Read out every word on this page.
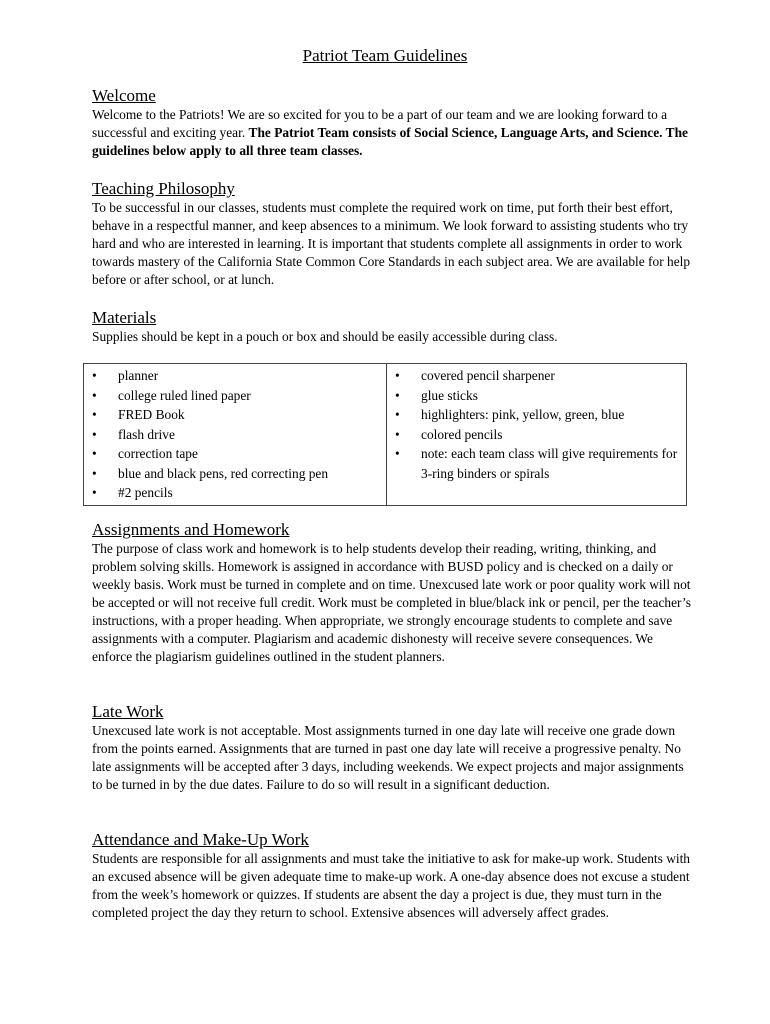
Patriot Team Guidelines
Welcome

Welcome to the Patriots! We are so excited for you to be a part of our team and we are looking forward to a successful and exciting year. The Patriot Team consists of Social Science, Language Arts, and Science. The guidelines below apply to all three team classes.

Teaching Philosophy

To be successful in our classes, students must complete the required work on time, put forth their best effort, behave in a respectful manner, and keep absences to a minimum. We look forward to assisting students who try hard and who are interested in learning. It is important that students complete all assignments in order to work towards mastery of the California State Common Core Standards in each subject area. We are available for help before or after school, or at lunch.

Materials

Supplies should be kept in a pouch or box and should be easily accessible during class.

• planner
• college ruled lined paper
• FRED Book
• flash drive
• correction tape
• blue and black pens, red correcting pen
• #2 pencils

• covered pencil sharpener
• glue sticks
• highlighters: pink, yellow, green, blue
• colored pencils
• note: each team class will give requirements for 3-ring binders or spirals
Assignments and Homework

The purpose of class work and homework is to help students develop their reading, writing, thinking, and problem solving skills. Homework is assigned in accordance with BUSD policy and is checked on a daily or weekly basis. Work must be turned in complete and on time. Unexcused late work or poor quality work will not be accepted or will not receive full credit. Work must be completed in blue/black ink or pencil, per the teacher’s instructions, with a proper heading. When appropriate, we strongly encourage students to complete and save assignments with a computer. Plagiarism and academic dishonesty will receive severe consequences. We enforce the plagiarism guidelines outlined in the student planners.

Late Work

Unexcused late work is not acceptable. Most assignments turned in one day late will receive one grade down from the points earned. Assignments that are turned in past one day late will receive a progressive penalty. No late assignments will be accepted after 3 days, including weekends. We expect projects and major assignments to be turned in by the due dates. Failure to do so will result in a significant deduction.

Attendance and Make-Up Work

Students are responsible for all assignments and must take the initiative to ask for make-up work. Students with an excused absence will be given adequate time to make-up work. A one-day absence does not excuse a student from the week’s homework or quizzes. If students are absent the day a project is due, they must turn in the completed project the day they return to school. Extensive absences will adversely affect grades.
